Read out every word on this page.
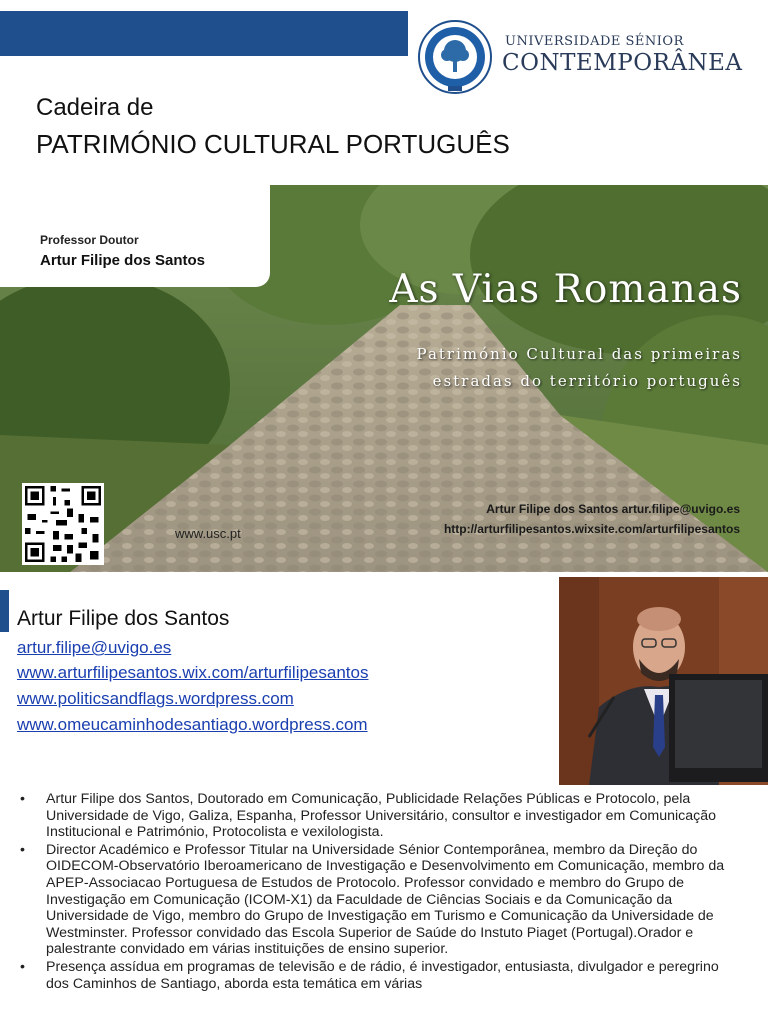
UNIVERSIDADE SÉNIOR
CONTEMPORÂNEA
Cadeira de
PATRIMÓNIO CULTURAL PORTUGUÊS
Professor Doutor
Artur Filipe dos Santos
As Vias Romanas
Património Cultural das primeiras
estradas do território português
www.usc.pt
Artur Filipe dos Santos artur.filipe@uvigo.es
http://arturfilipesantos.wixsite.com/arturfilipesantos
Artur Filipe dos Santos
artur.filipe@uvigo.es
www.arturfilipesantos.wix.com/arturfilipesantos
www.politicsandflags.wordpress.com
www.omeucaminhodesantiago.wordpress.com
• Artur Filipe dos Santos, Doutorado em Comunicação, Publicidade Relações Públicas e Protocolo, pela Universidade de Vigo, Galiza, Espanha, Professor Universitário, consultor e investigador em Comunicação Institucional e Património, Protocolista e vexilologista.
• Director Académico e Professor Titular na Universidade Sénior Contemporânea, membro da Direção do OIDECOM-Observatório Iberoamericano de Investigação e Desenvolvimento em Comunicação, membro da APEP-Associacao Portuguesa de Estudos de Protocolo. Professor convidado e membro do Grupo de Investigação em Comunicação (ICOM-X1) da Faculdade de Ciências Sociais e da Comunicação da Universidade de Vigo, membro do Grupo de Investigação em Turismo e Comunicação da Universidade de Westminster. Professor convidado das Escola Superior de Saúde do Instuto Piaget (Portugal).Orador e palestrante convidado em várias instituições de ensino superior.
• Presença assídua em programas de televisão e de rádio, é investigador, entusiasta, divulgador e peregrino dos Caminhos de Santiago, aborda esta temática em várias
